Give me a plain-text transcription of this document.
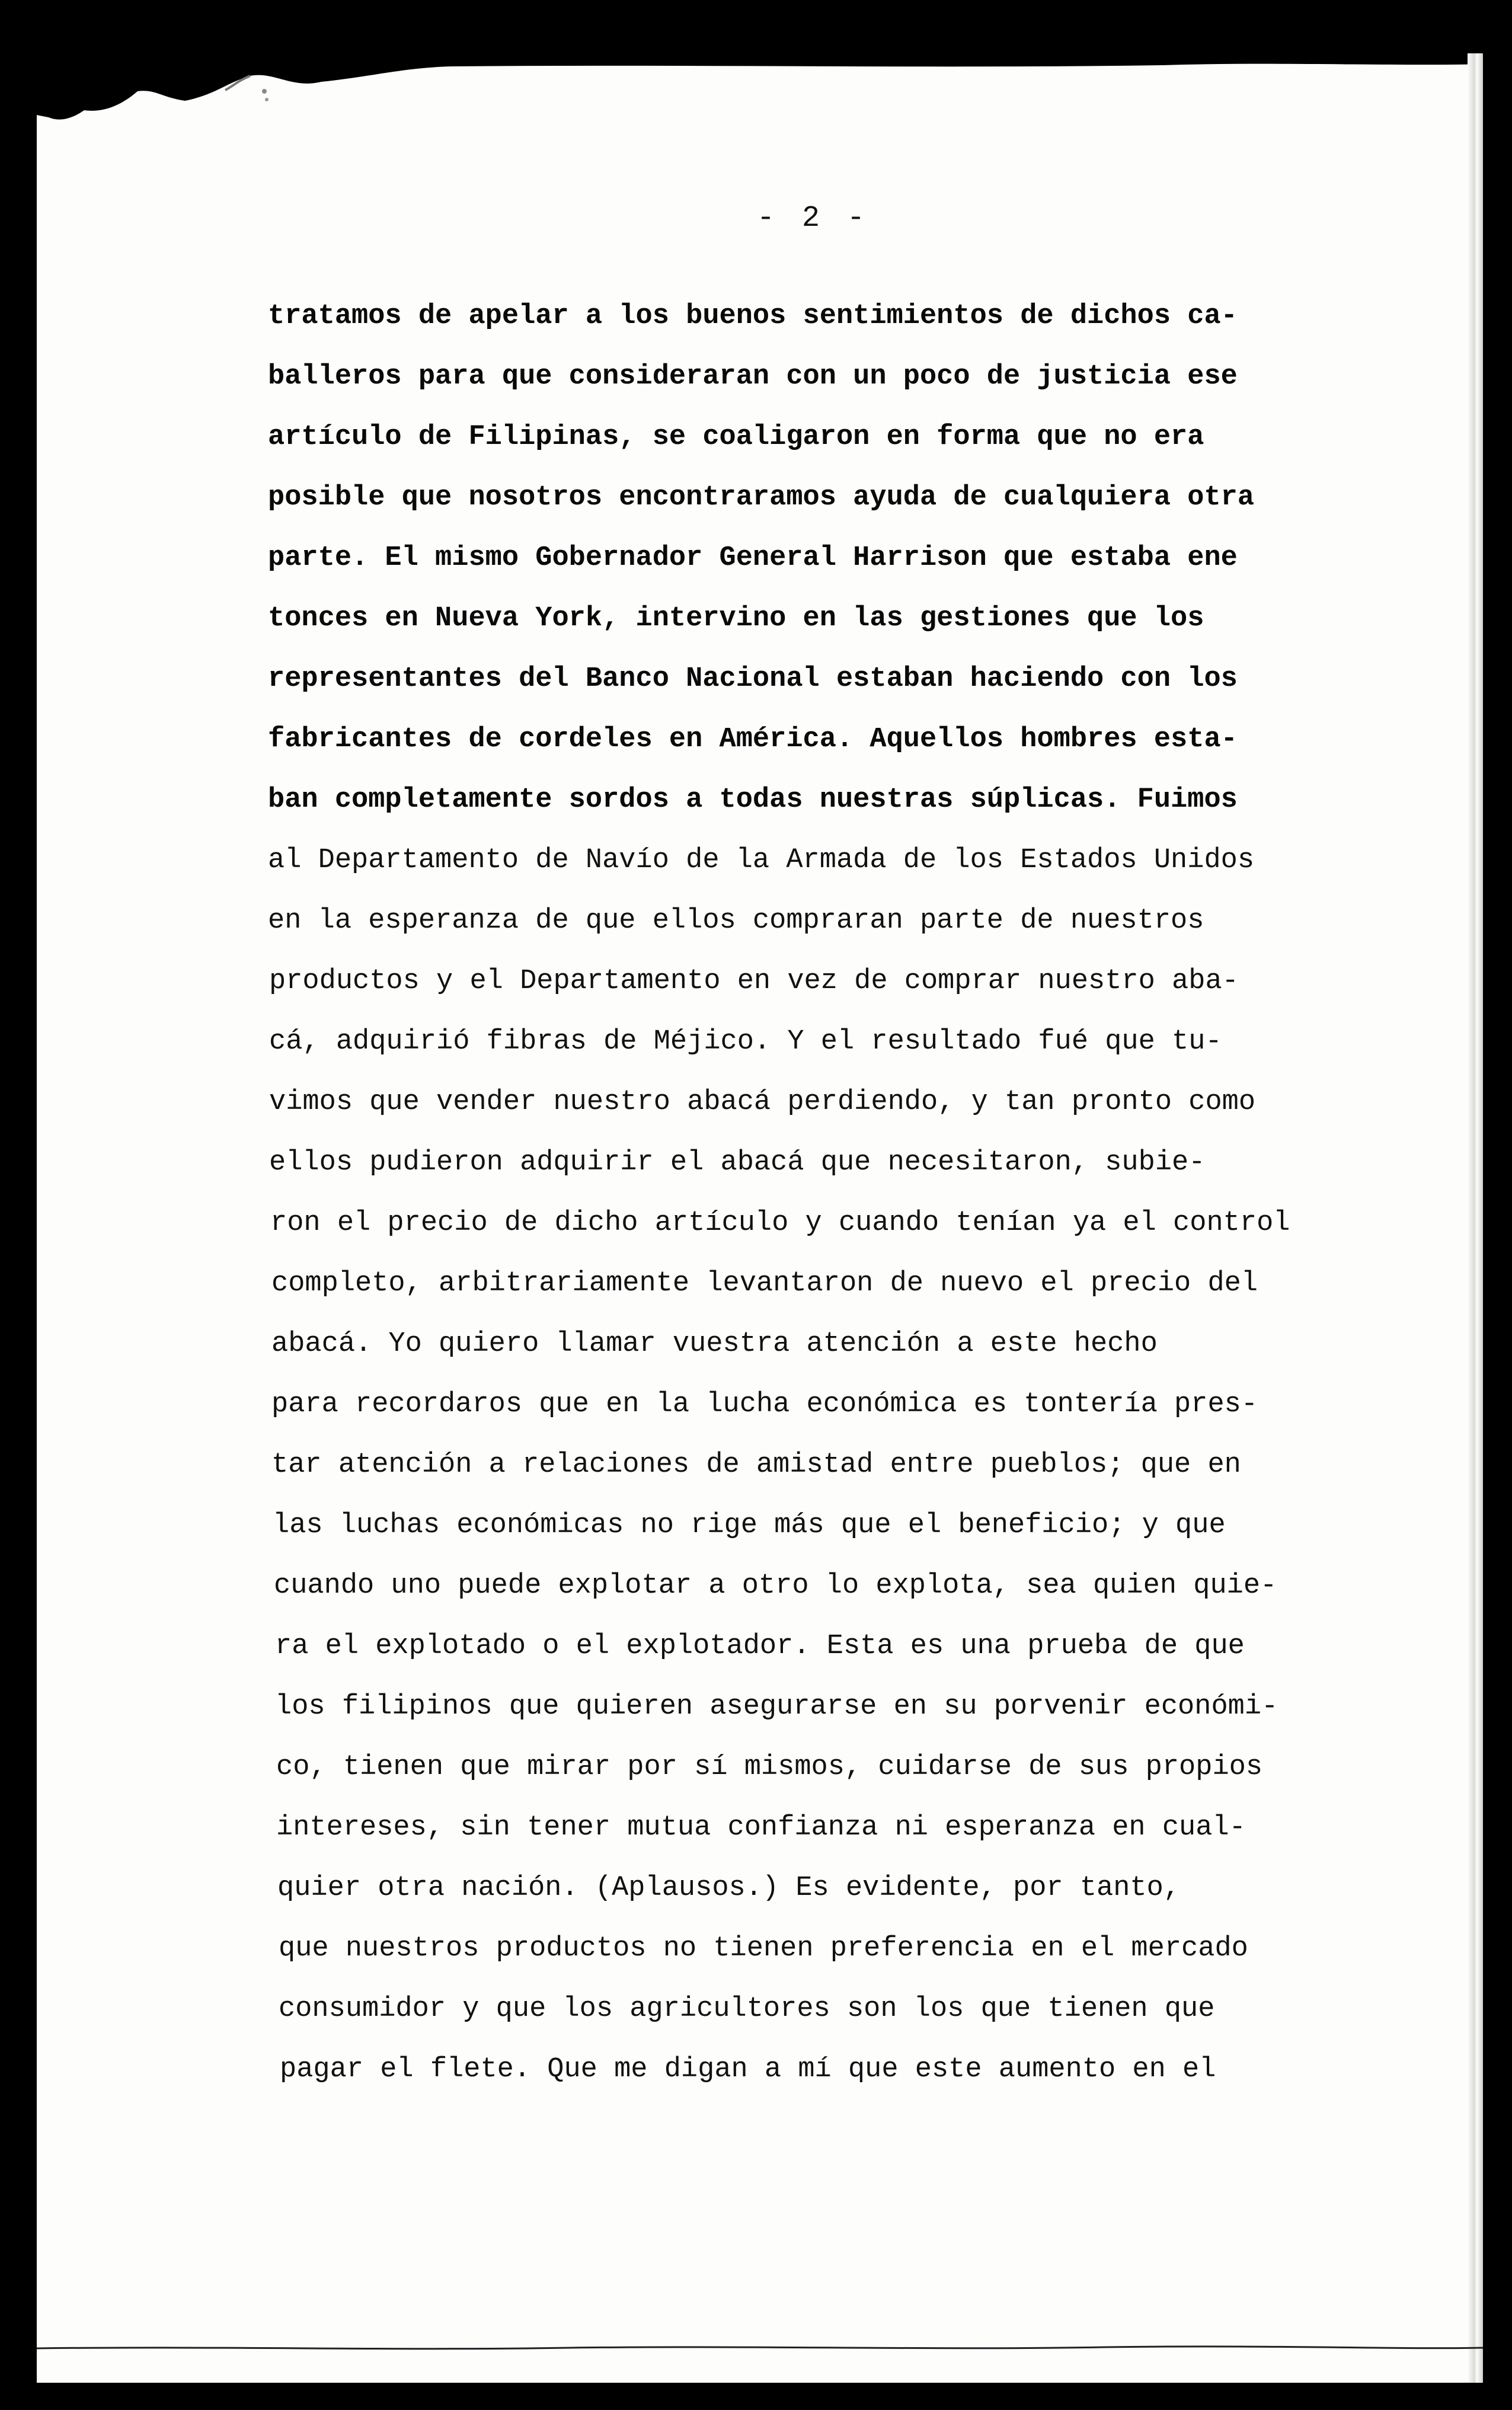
- 2 -
tratamos de apelar a los buenos sentimientos de dichos ca-
balleros para que consideraran con un poco de justicia ese
artículo de Filipinas, se coaligaron en forma que no era
posible que nosotros encontraramos ayuda de cualquiera otra
parte. El mismo Gobernador General Harrison que estaba ene
tonces en Nueva York, intervino en las gestiones que los
representantes del Banco Nacional estaban haciendo con los
fabricantes de cordeles en América. Aquellos hombres esta-
ban completamente sordos a todas nuestras súplicas. Fuimos
al Departamento de Navío de la Armada de los Estados Unidos
en la esperanza de que ellos compraran parte de nuestros
productos y el Departamento en vez de comprar nuestro aba-
cá, adquirió fibras de Méjico. Y el resultado fué que tu-
vimos que vender nuestro abacá perdiendo, y tan pronto como
ellos pudieron adquirir el abacá que necesitaron, subie-
ron el precio de dicho artículo y cuando tenían ya el control
completo, arbitrariamente levantaron de nuevo el precio del
abacá. Yo quiero llamar vuestra atención a este hecho
para recordaros que en la lucha económica es tontería pres-
tar atención a relaciones de amistad entre pueblos; que en
las luchas económicas no rige más que el beneficio; y que
cuando uno puede explotar a otro lo explota, sea quien quie-
ra el explotado o el explotador. Esta es una prueba de que
los filipinos que quieren asegurarse en su porvenir económi-
co, tienen que mirar por sí mismos, cuidarse de sus propios
intereses, sin tener mutua confianza ni esperanza en cual-
quier otra nación. (Aplausos.) Es evidente, por tanto,
que nuestros productos no tienen preferencia en el mercado
consumidor y que los agricultores son los que tienen que
pagar el flete. Que me digan a mí que este aumento en el
